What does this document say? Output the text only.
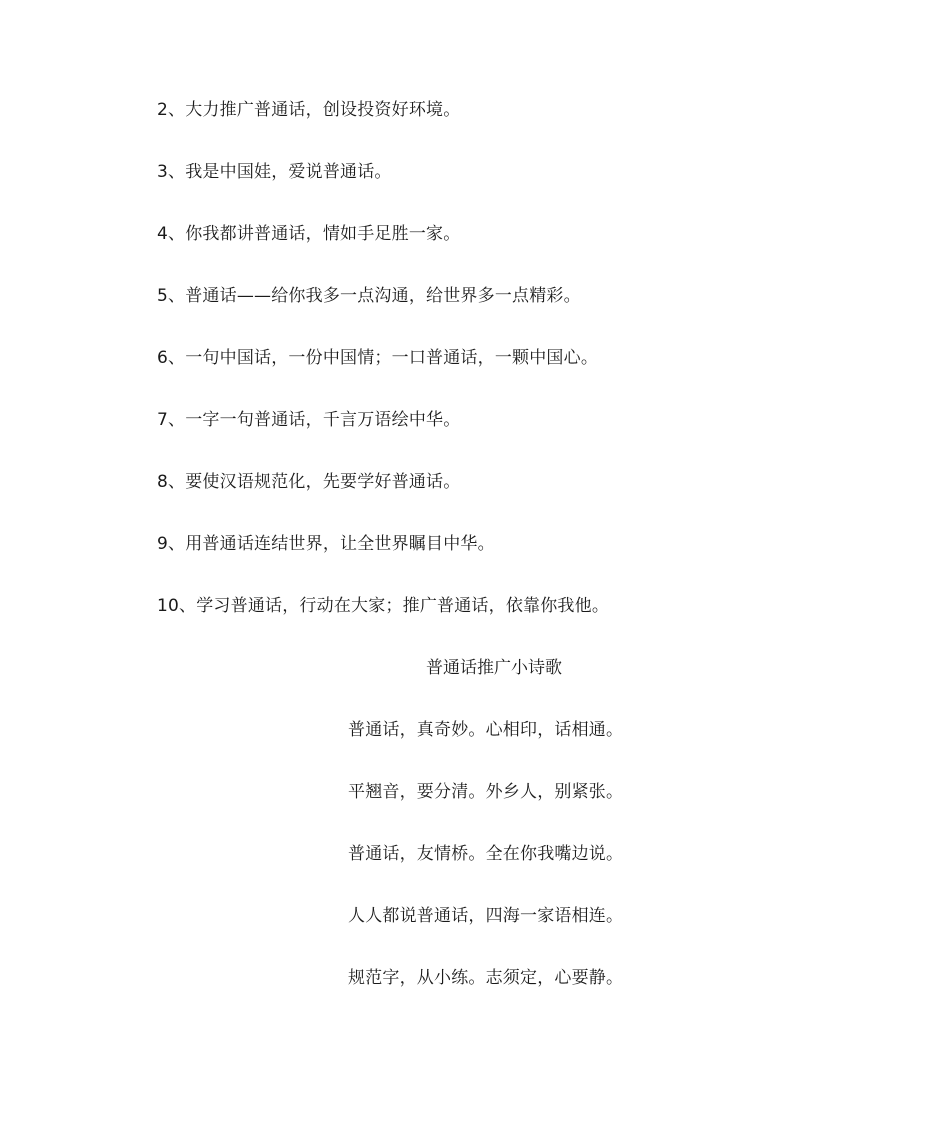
2、大力推广普通话，创设投资好环境。
3、我是中国娃，爱说普通话。
4、你我都讲普通话，情如手足胜一家。
5、普通话——给你我多一点沟通，给世界多一点精彩。
6、一句中国话，一份中国情；一口普通话，一颗中国心。
7、一字一句普通话，千言万语绘中华。
8、要使汉语规范化，先要学好普通话。
9、用普通话连结世界，让全世界瞩目中华。
10、学习普通话，行动在大家；推广普通话，依靠你我他。
普通话推广小诗歌
普通话，真奇妙。心相印，话相通。
平翘音，要分清。外乡人，别紧张。
普通话，友情桥。全在你我嘴边说。
人人都说普通话，四海一家语相连。
规范字，从小练。志须定，心要静。
